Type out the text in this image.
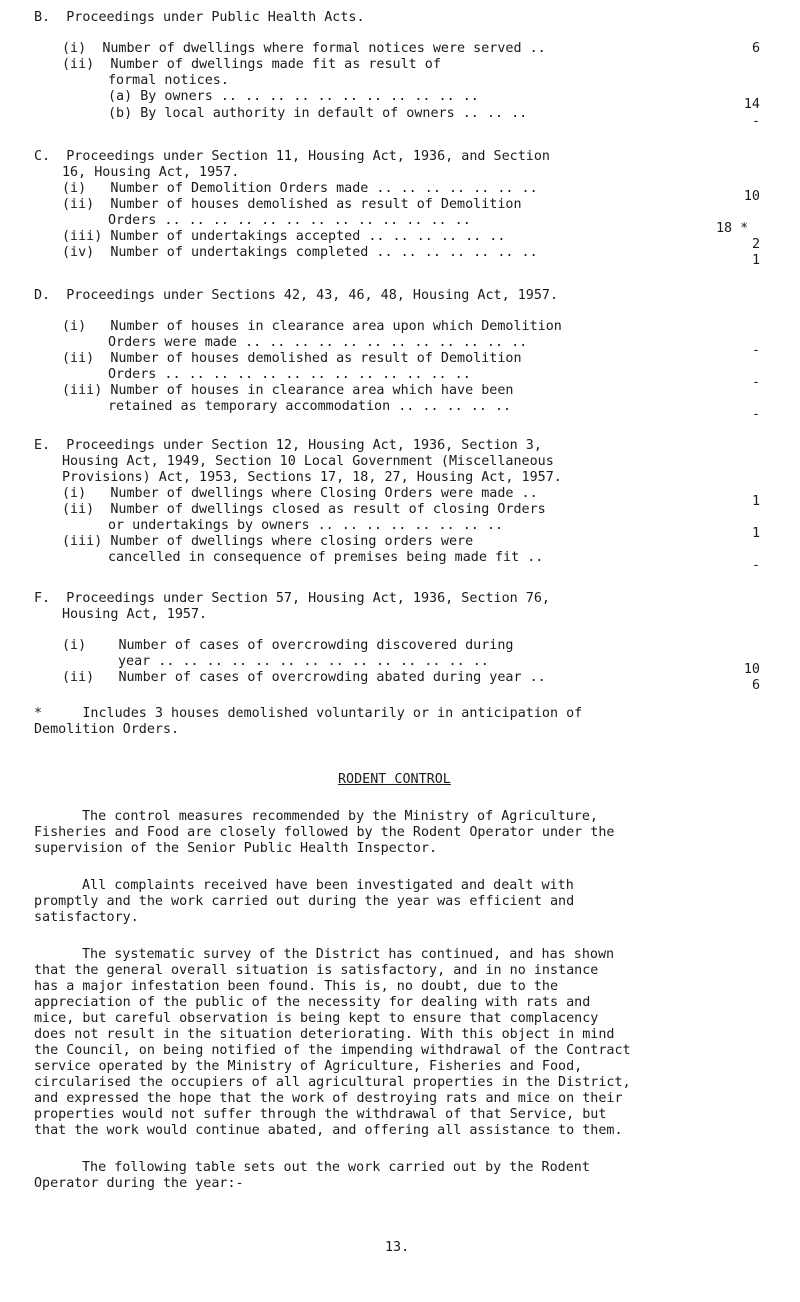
B. Proceedings under Public Health Acts.
(i) Number of dwellings where formal notices were served ..	6
(ii) Number of dwellings made fit as result of
formal notices.
(a) By owners .. .. .. .. .. .. .. .. .. .. ..
14
(b) By local authority in default of owners .. .. ..
-
C. Proceedings under Section 11, Housing Act, 1936, and Section
16, Housing Act, 1957.
(i) Number of Demolition Orders made .. .. .. .. .. .. ..
10
(ii) Number of houses demolished as result of Demolition
Orders .. .. .. .. .. .. .. .. .. .. .. .. ..
18 *
(iii) Number of undertakings accepted .. .. .. .. .. ..
2
(iv) Number of undertakings completed .. .. .. .. .. .. ..
1
D. Proceedings under Sections 42, 43, 46, 48, Housing Act, 1957.
(i) Number of houses in clearance area upon which Demolition
Orders were made .. .. .. .. .. .. .. .. .. .. .. ..
-
(ii) Number of houses demolished as result of Demolition
Orders .. .. .. .. .. .. .. .. .. .. .. .. ..
-
(iii) Number of houses in clearance area which have been
retained as temporary accommodation .. .. .. .. ..
-
E. Proceedings under Section 12, Housing Act, 1936, Section 3,
Housing Act, 1949, Section 10 Local Government (Miscellaneous
Provisions) Act, 1953, Sections 17, 18, 27, Housing Act, 1957.
(i) Number of dwellings where Closing Orders were made ..
1
(ii) Number of dwellings closed as result of closing Orders
or undertakings by owners .. .. .. .. .. .. .. ..
1
(iii) Number of dwellings where closing orders were
cancelled in consequence of premises being made fit ..
-
F. Proceedings under Section 57, Housing Act, 1936, Section 76,
Housing Act, 1957.
(i) Number of cases of overcrowding discovered during
year .. .. .. .. .. .. .. .. .. .. .. .. .. ..
10
(ii) Number of cases of overcrowding abated during year ..
6
*	Includes 3 houses demolished voluntarily or in anticipation of
Demolition Orders.
RODENT CONTROL
The control measures recommended by the Ministry of Agriculture,
Fisheries and Food are closely followed by the Rodent Operator under the
supervision of the Senior Public Health Inspector.
All complaints received have been investigated and dealt with
promptly and the work carried out during the year was efficient and
satisfactory.
The systematic survey of the District has continued, and has shown
that the general overall situation is satisfactory, and in no instance
has a major infestation been found. This is, no doubt, due to the
appreciation of the public of the necessity for dealing with rats and
mice, but careful observation is being kept to ensure that complacency
does not result in the situation deteriorating. With this object in mind
the Council, on being notified of the impending withdrawal of the Contract
service operated by the Ministry of Agriculture, Fisheries and Food,
circularised the occupiers of all agricultural properties in the District,
and expressed the hope that the work of destroying rats and mice on their
properties would not suffer through the withdrawal of that Service, but
that the work would continue abated, and offering all assistance to them.
The following table sets out the work carried out by the Rodent
Operator during the year:-
13.
